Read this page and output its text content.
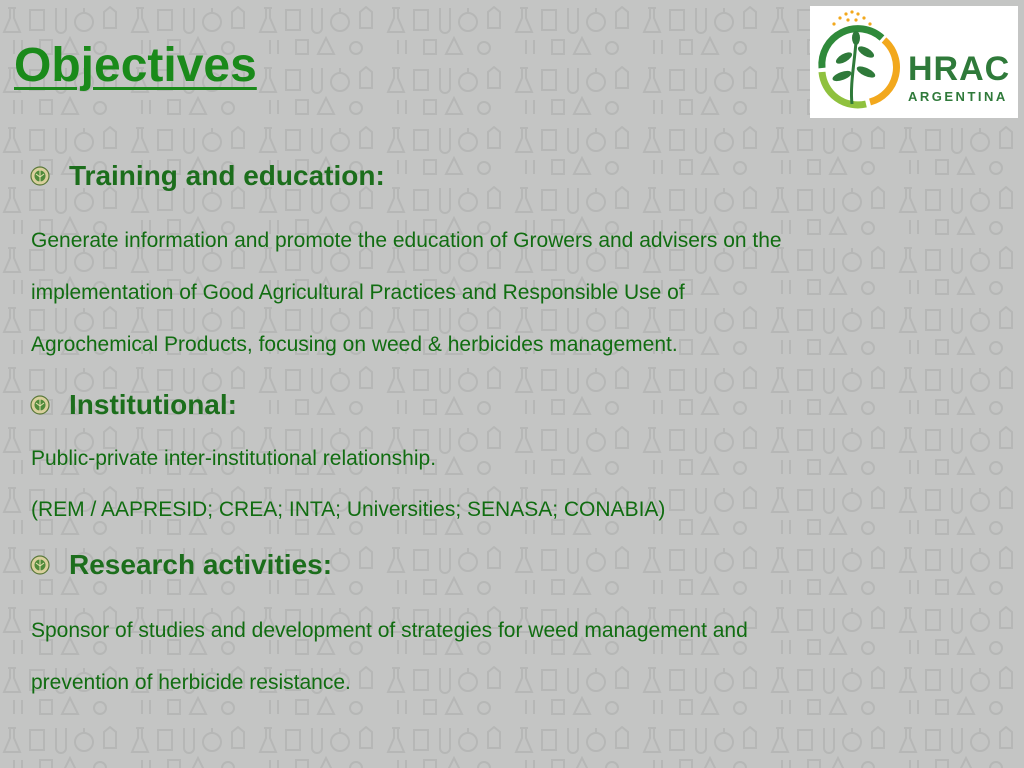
Objectives	HRAC
ARGENTINA
Training and education:

Generate information and promote the education of Growers and advisers on the

implementation of Good Agricultural Practices and Responsible Use of

Agrochemical Products, focusing on weed & herbicides management.

Institutional:

Public-private inter-institutional relationship.

(REM / AAPRESID; CREA; INTA; Universities; SENASA; CONABIA)

Research activities:

Sponsor of studies and development of strategies for weed management and

prevention of herbicide resistance.
